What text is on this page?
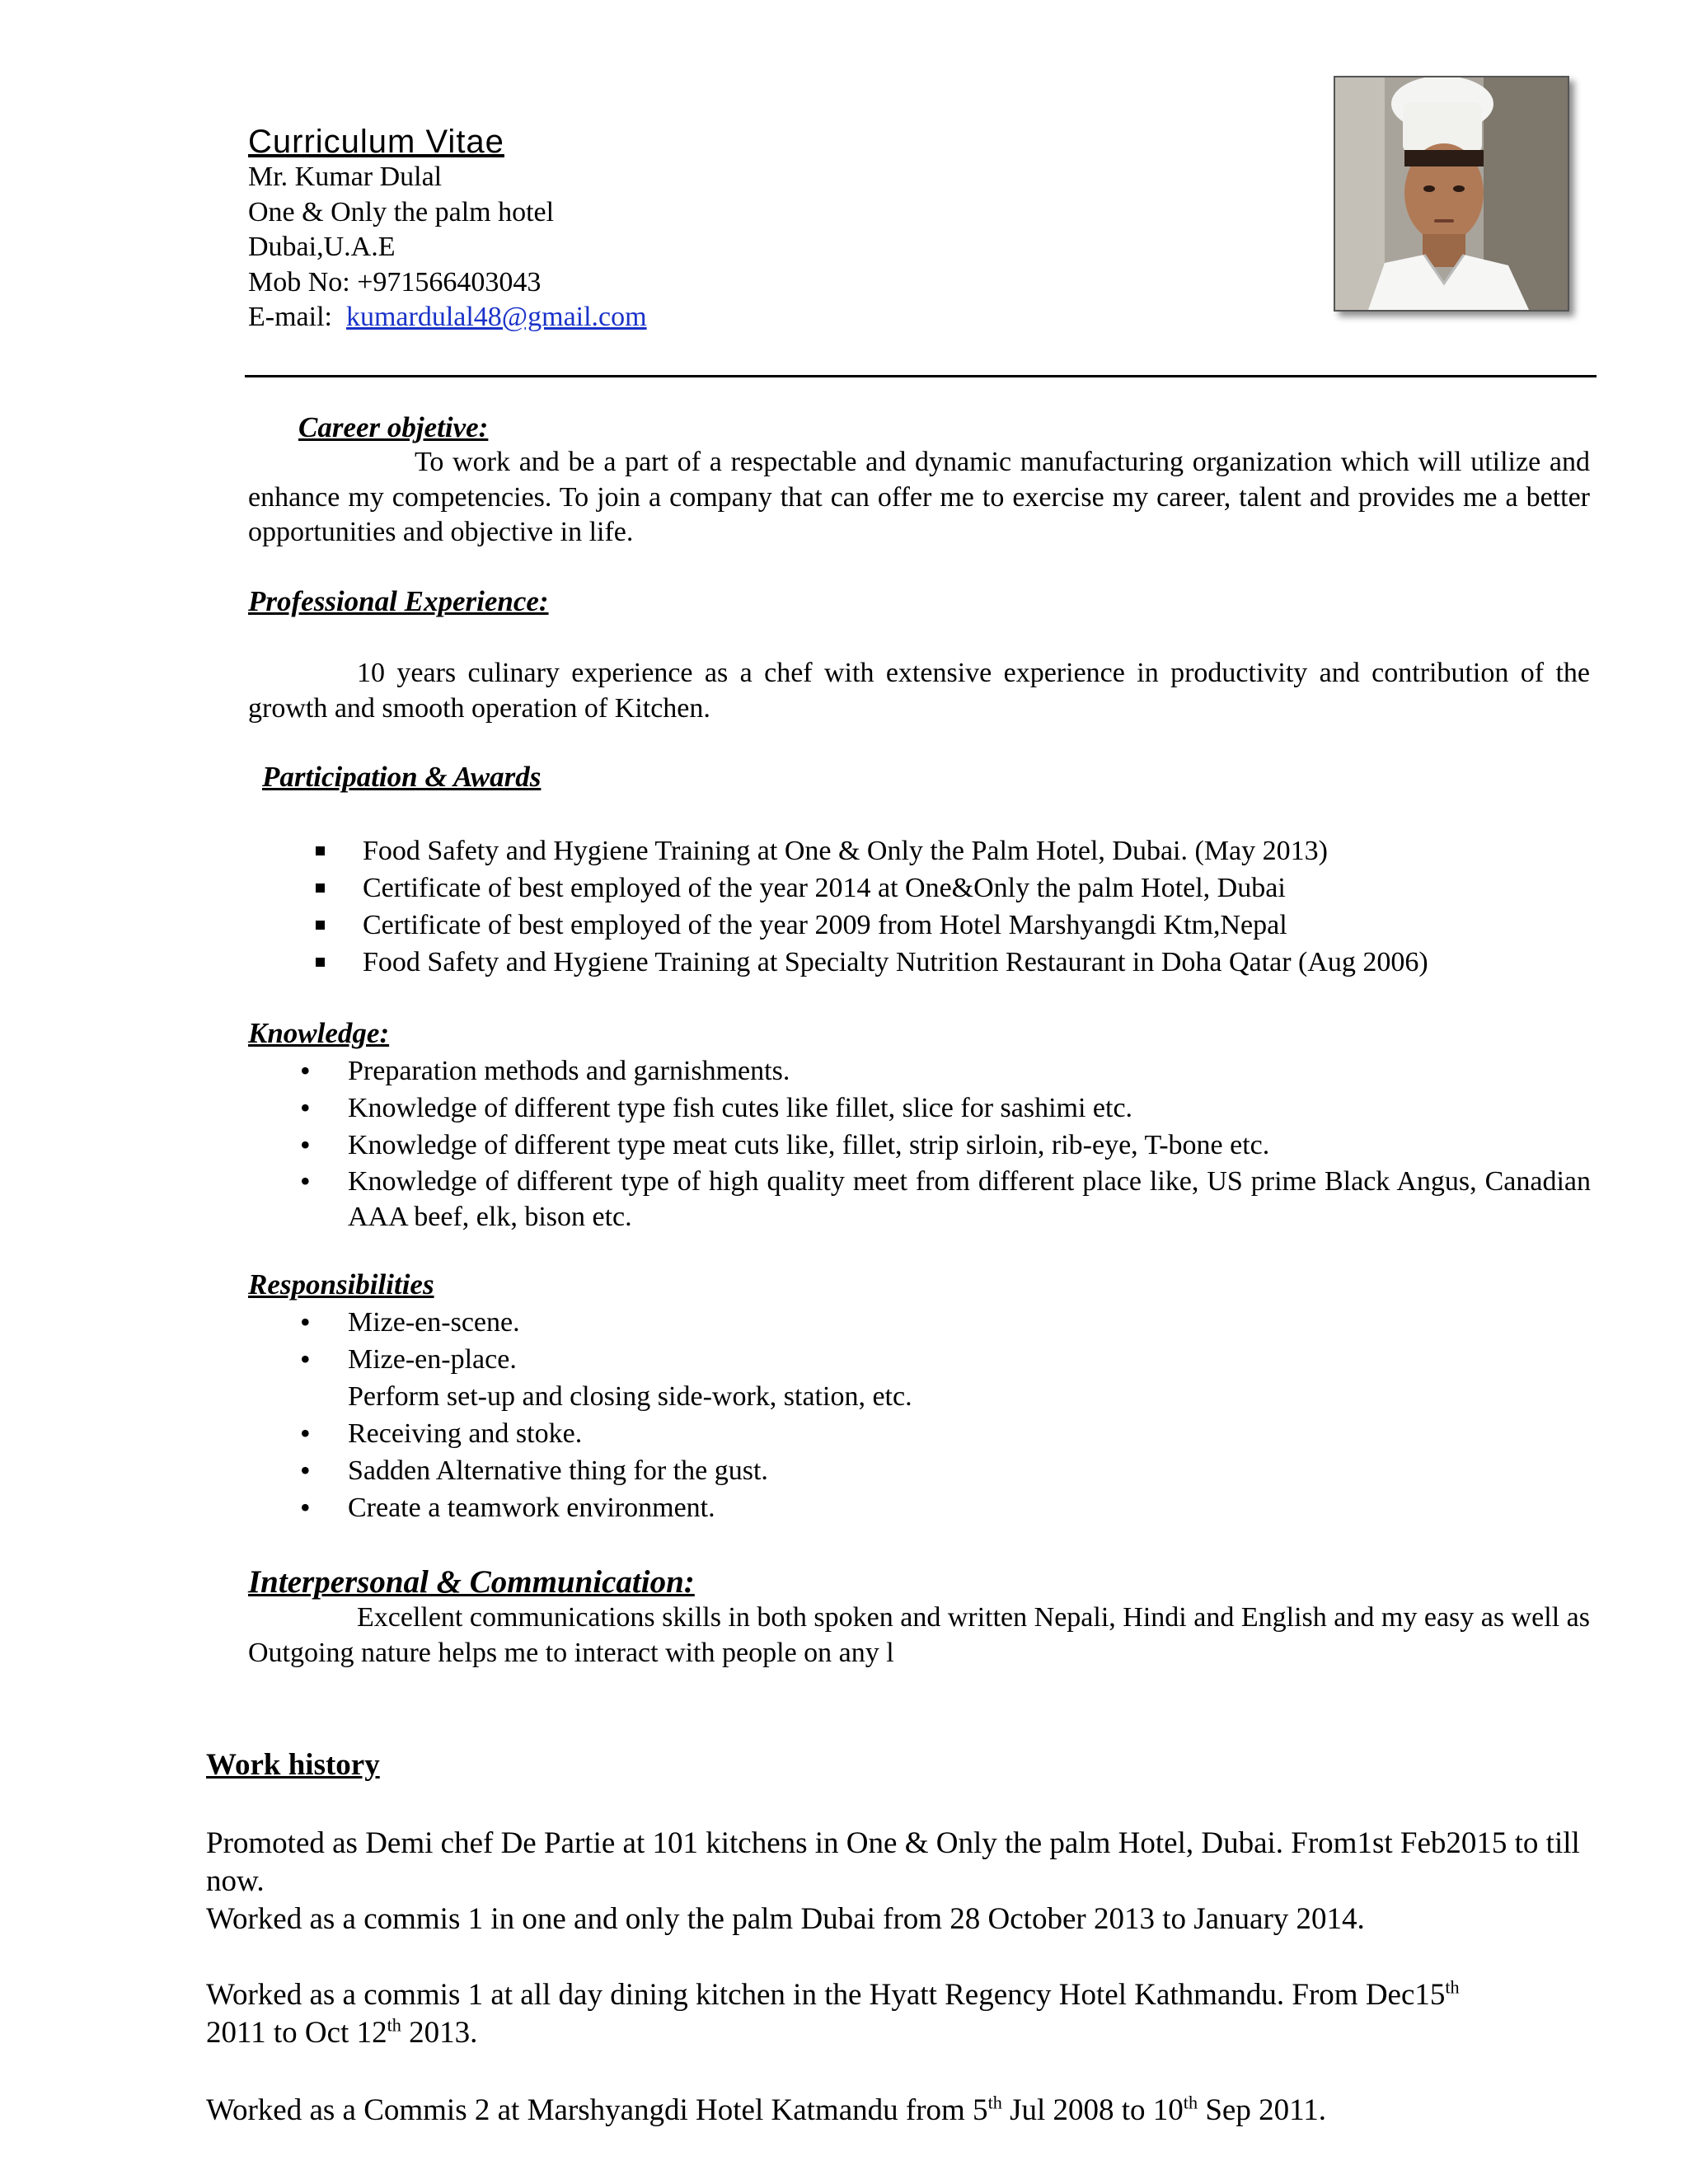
Curriculum Vitae
Mr. Kumar Dulal
One & Only the palm hotel
Dubai,U.A.E
Mob No: +971566403043
E-mail: kumardulal48@gmail.com
Career objetive:
To work and be a part of a respectable and dynamic manufacturing organization which will utilize and enhance my competencies. To join a company that can offer me to exercise my career, talent and provides me a better opportunities and objective in life.
Professional Experience:
10 years culinary experience as a chef with extensive experience in productivity and contribution of the growth and smooth operation of Kitchen.
Participation & Awards
Food Safety and Hygiene Training at One & Only the Palm Hotel, Dubai. (May 2013)
Certificate of best employed of the year 2014 at One&Only the palm Hotel, Dubai
Certificate of best employed of the year 2009 from Hotel Marshyangdi Ktm,Nepal
Food Safety and Hygiene Training at Specialty Nutrition Restaurant in Doha Qatar (Aug 2006)
Knowledge:
• Preparation methods and garnishments.
• Knowledge of different type fish cutes like fillet, slice for sashimi etc.
• Knowledge of different type meat cuts like, fillet, strip sirloin, rib-eye, T-bone etc.
• Knowledge of different type of high quality meet from different place like, US prime Black Angus, Canadian AAA beef, elk, bison etc.
Responsibilities
• Mize-en-scene.
• Mize-en-place.
Perform set-up and closing side-work, station, etc.
• Receiving and stoke.
• Sadden Alternative thing for the gust.
• Create a teamwork environment.
Interpersonal & Communication:
Excellent communications skills in both spoken and written Nepali, Hindi and English and my easy as well as Outgoing nature helps me to interact with people on any l
Work history
Promoted as Demi chef De Partie at 101 kitchens in One & Only the palm Hotel, Dubai. From1st Feb2015 to till now.
Worked as a commis 1 in one and only the palm Dubai from 28 October 2013 to January 2014.
Worked as a commis 1 at all day dining kitchen in the Hyatt Regency Hotel Kathmandu. From Dec15th
2011 to Oct 12th 2013.
Worked as a Commis 2 at Marshyangdi Hotel Katmandu from 5th Jul 2008 to 10th Sep 2011.
